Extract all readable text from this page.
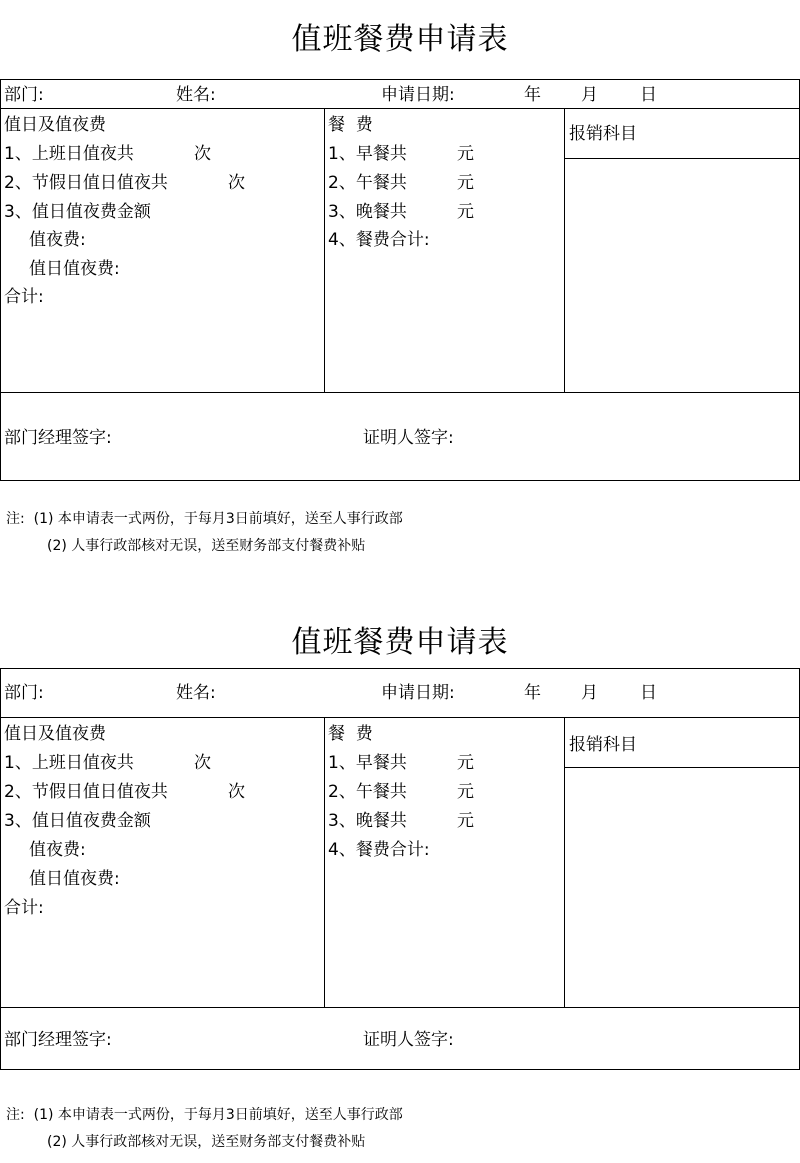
值班餐费申请表
部门:	姓名:	申请日期:	年 月 日
值日及值夜费
1、上班日值夜共	次
2、节假日值日值夜共	次
3、值日值夜费金额
值夜费:
值日值夜费:
合计:
餐  费
1、早餐共	元
2、午餐共	元
3、晚餐共	元
4、餐费合计:
报销科目
部门经理签字:	证明人签字:
注:  (1) 本申请表一式两份，于每月3日前填好，送至人事行政部
(2) 人事行政部核对无误，送至财务部支付餐费补贴
值班餐费申请表
部门:	姓名:	申请日期:	年 月 日
值日及值夜费
1、上班日值夜共	次
2、节假日值日值夜共	次
3、值日值夜费金额
值夜费:
值日值夜费:
合计:
餐  费
1、早餐共	元
2、午餐共	元
3、晚餐共	元
4、餐费合计:
报销科目
部门经理签字:	证明人签字:
注:  (1) 本申请表一式两份，于每月3日前填好，送至人事行政部
(2) 人事行政部核对无误，送至财务部支付餐费补贴
